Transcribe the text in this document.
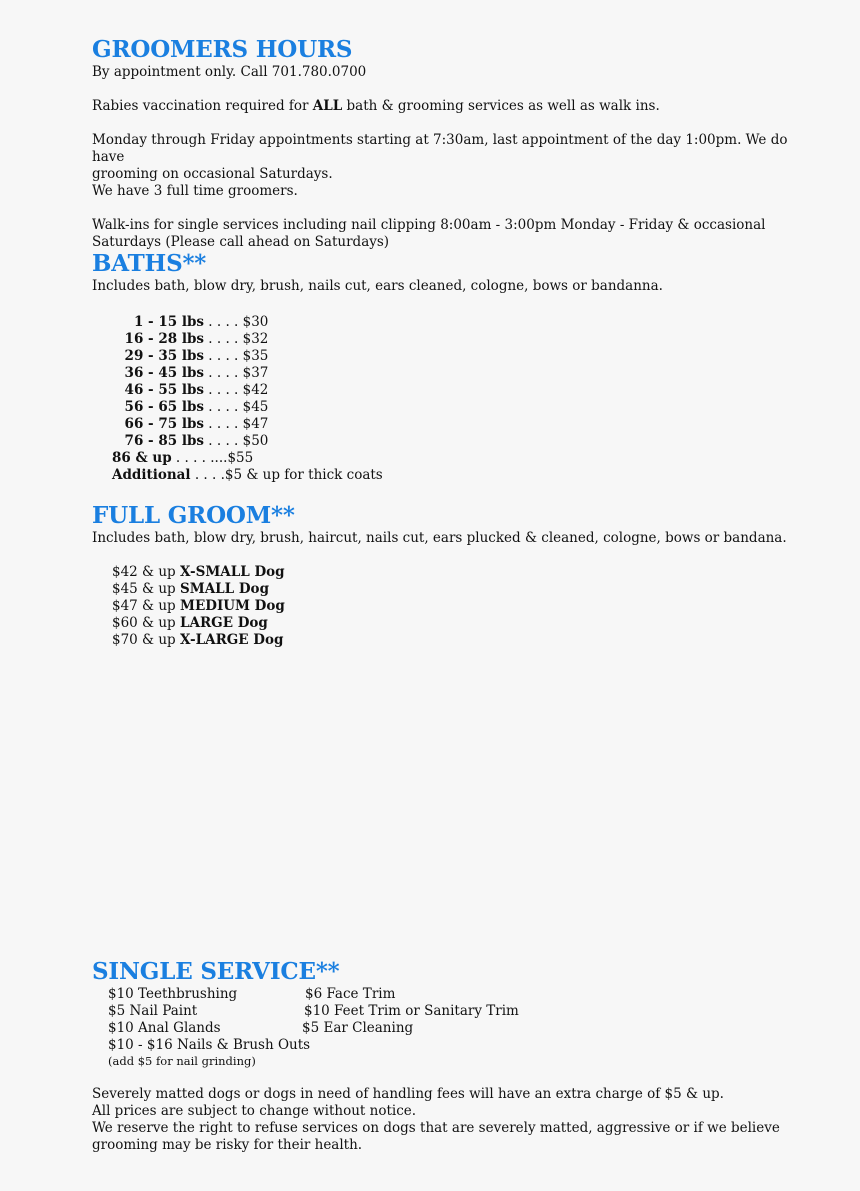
GROOMERS HOURS

By appointment only. Call 701.780.0700

Rabies vaccination required for ALL bath & grooming services as well as walk ins.

Monday through Friday appointments starting at 7:30am, last appointment of the day 1:00pm. We do have

grooming on occasional Saturdays.

We have 3 full time groomers.

Walk-ins for single services including nail clipping 8:00am - 3:00pm Monday - Friday & occasional

Saturdays (Please call ahead on Saturdays)

BATHS**

Includes bath, blow dry, brush, nails cut, ears cleaned, cologne, bows or bandanna.

1 - 15 lbs . . . . $30
16 - 28 lbs . . . . $32
29 - 35 lbs . . . . $35
36 - 45 lbs . . . . $37
46 - 55 lbs . . . . $42
56 - 65 lbs . . . . $45
66 - 75 lbs . . . . $47
76 - 85 lbs . . . . $50
86 & up . . . . ....$55
Additional . . . .$5 & up for thick coats
FULL GROOM**

Includes bath, blow dry, brush, haircut, nails cut, ears plucked & cleaned, cologne, bows or bandana.

$42 & up X-SMALL Dog
$45 & up SMALL Dog
$47 & up MEDIUM Dog
$60 & up LARGE Dog
$70 & up X-LARGE Dog
SINGLE SERVICE**
$10 Teethbrushing	$6 Face Trim
$5 Nail Paint	$10 Feet Trim or Sanitary Trim
$10 Anal Glands	$5 Ear Cleaning
$10 - $16 Nails & Brush Outs

(add $5 for nail grinding)

Severely matted dogs or dogs in need of handling fees will have an extra charge of $5 & up.

All prices are subject to change without notice.

We reserve the right to refuse services on dogs that are severely matted, aggressive or if we believe

grooming may be risky for their health.
